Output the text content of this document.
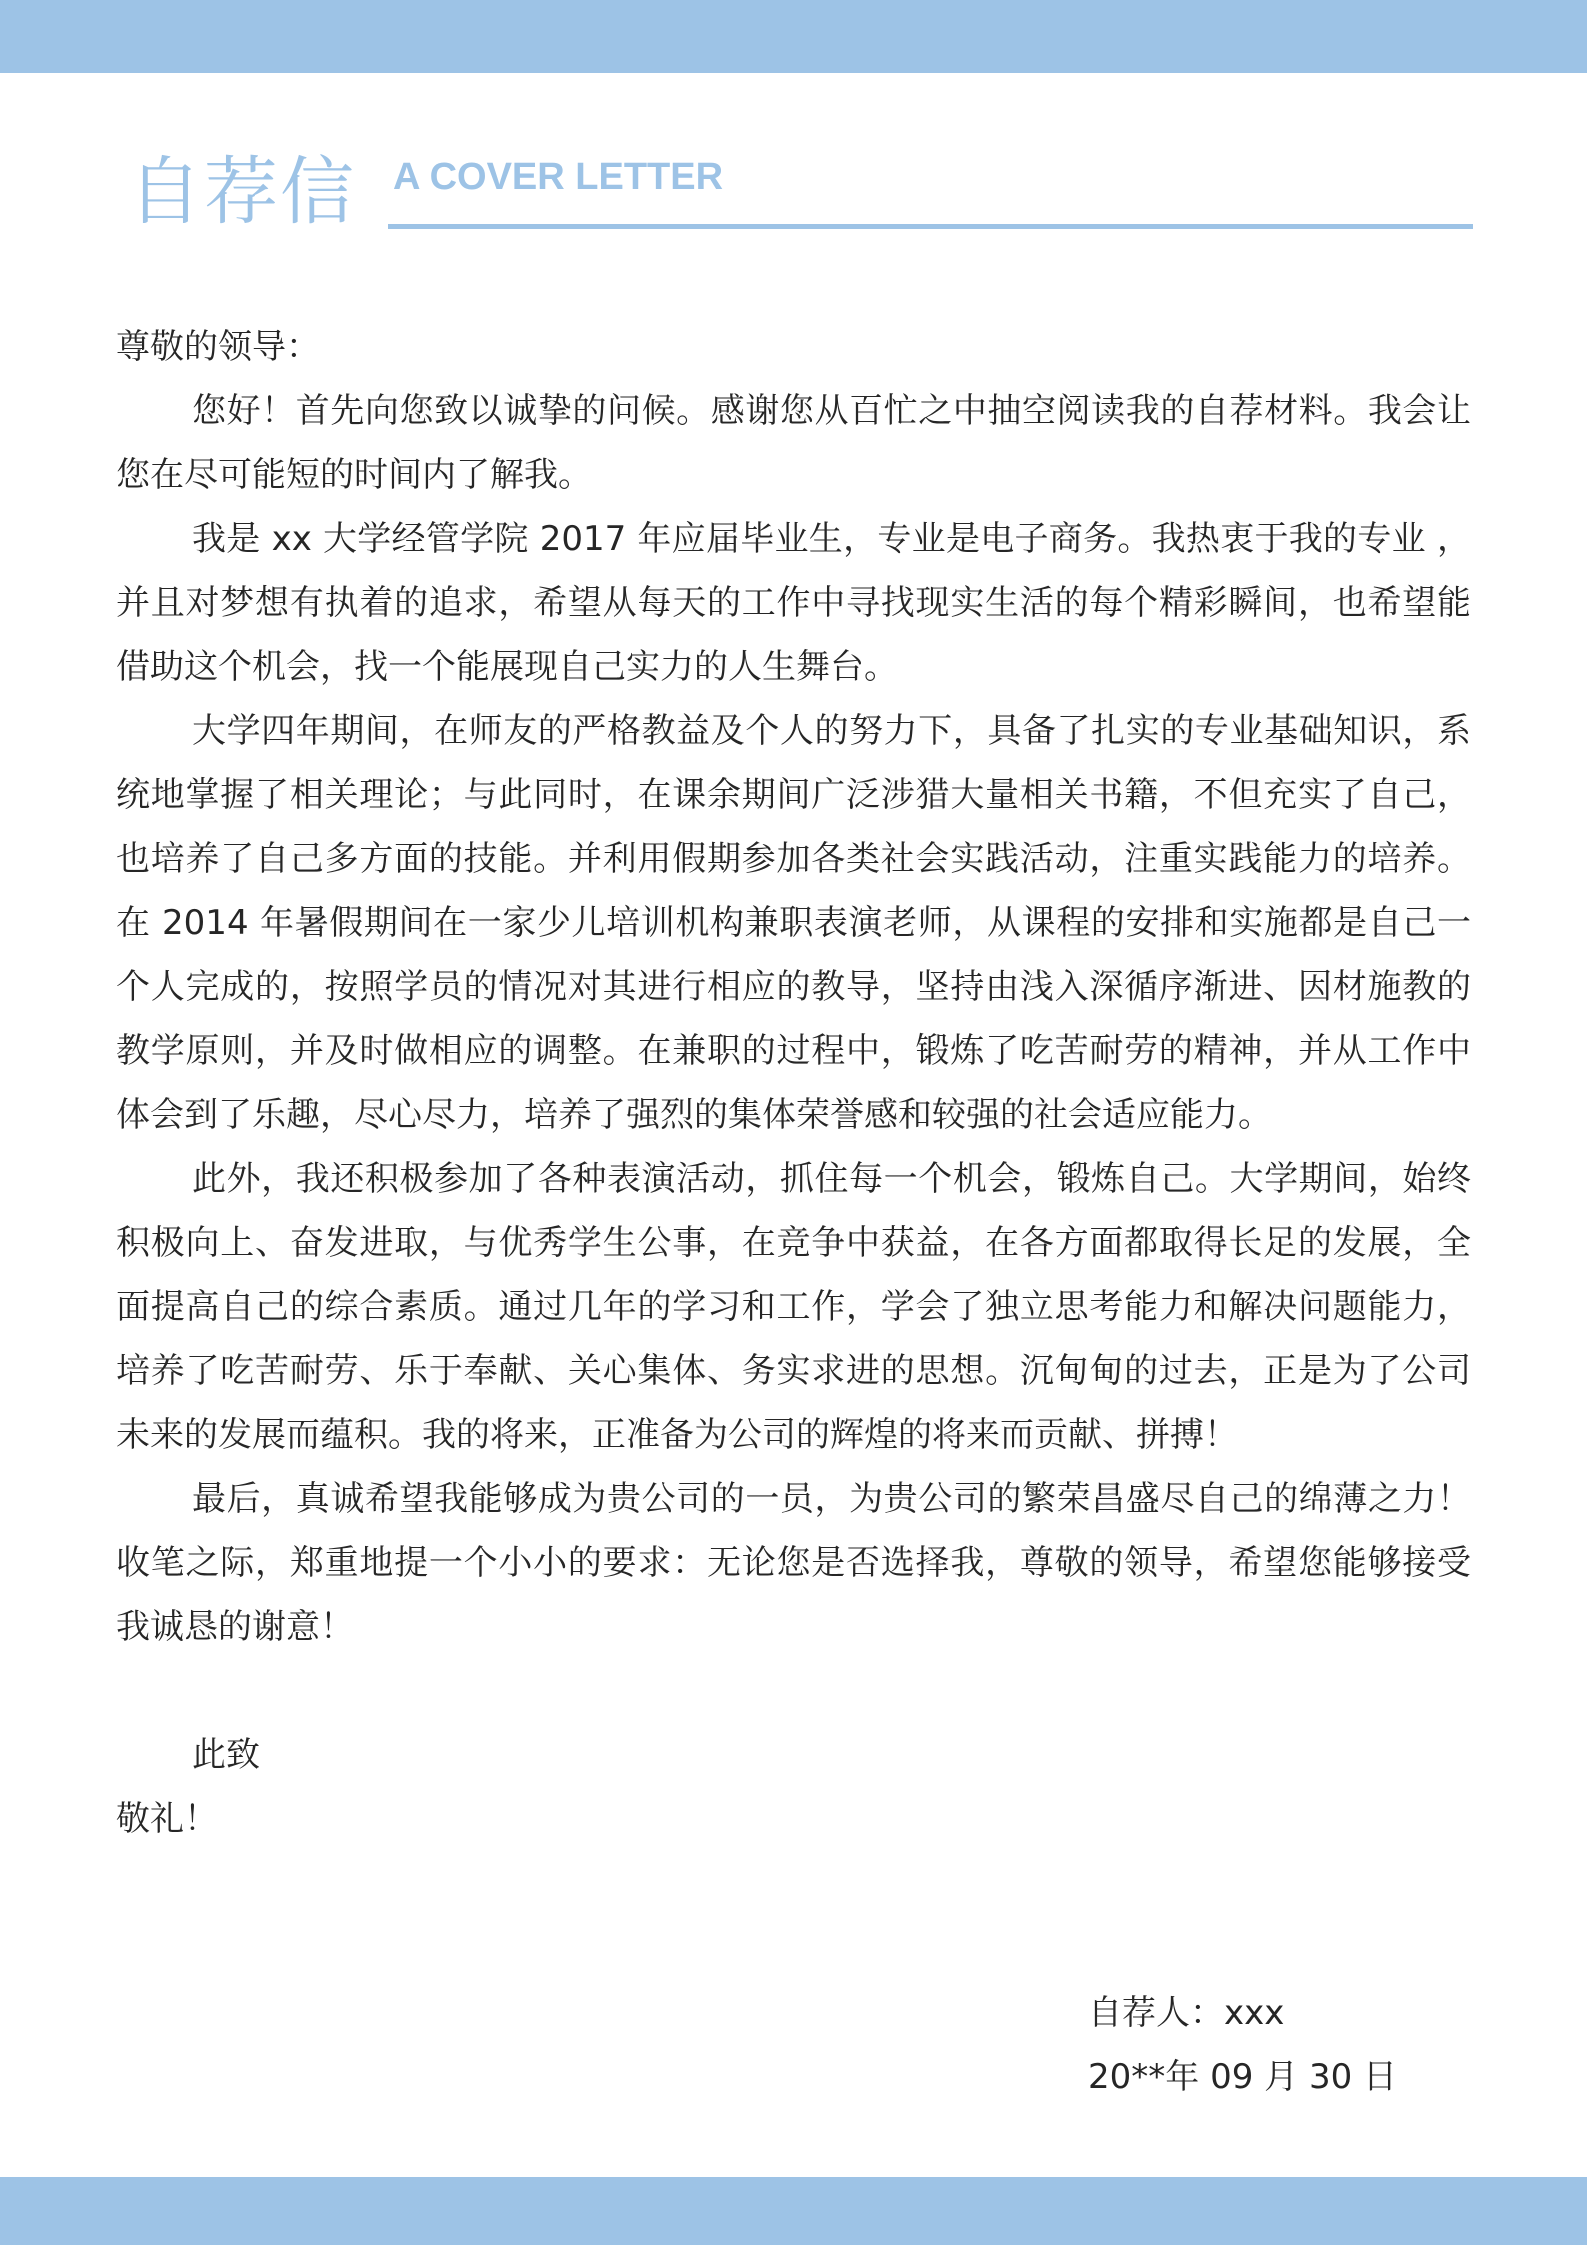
自荐信 A COVER LETTER

尊敬的领导：

您好！首先向您致以诚挚的问候。感谢您从百忙之中抽空阅读我的自荐材料。我会让您在尽可能短的时间内了解我。

我是 xx 大学经管学院 2017 年应届毕业生，专业是电子商务。我热衷于我的专业 ，并且对梦想有执着的追求，希望从每天的工作中寻找现实生活的每个精彩瞬间，也希望能借助这个机会，找一个能展现自己实力的人生舞台。

大学四年期间，在师友的严格教益及个人的努力下，具备了扎实的专业基础知识，系统地掌握了相关理论；与此同时，在课余期间广泛涉猎大量相关书籍，不但充实了自己，也培养了自己多方面的技能。并利用假期参加各类社会实践活动，注重实践能力的培养。在 2014 年暑假期间在一家少儿培训机构兼职表演老师，从课程的安排和实施都是自己一个人完成的，按照学员的情况对其进行相应的教导，坚持由浅入深循序渐进、因材施教的教学原则，并及时做相应的调整。在兼职的过程中，锻炼了吃苦耐劳的精神，并从工作中体会到了乐趣，尽心尽力，培养了强烈的集体荣誉感和较强的社会适应能力。

此外，我还积极参加了各种表演活动，抓住每一个机会，锻炼自己。大学期间，始终积极向上、奋发进取，与优秀学生公事，在竞争中获益，在各方面都取得长足的发展，全面提高自己的综合素质。通过几年的学习和工作，学会了独立思考能力和解决问题能力，培养了吃苦耐劳、乐于奉献、关心集体、务实求进的思想。沉甸甸的过去，正是为了公司未来的发展而蕴积。我的将来，正准备为公司的辉煌的将来而贡献、拼搏！

最后，真诚希望我能够成为贵公司的一员，为贵公司的繁荣昌盛尽自己的绵薄之力！收笔之际，郑重地提一个小小的要求：无论您是否选择我，尊敬的领导，希望您能够接受我诚恳的谢意！

此致

敬礼！

自荐人：xxx

20**年 09 月 30 日
